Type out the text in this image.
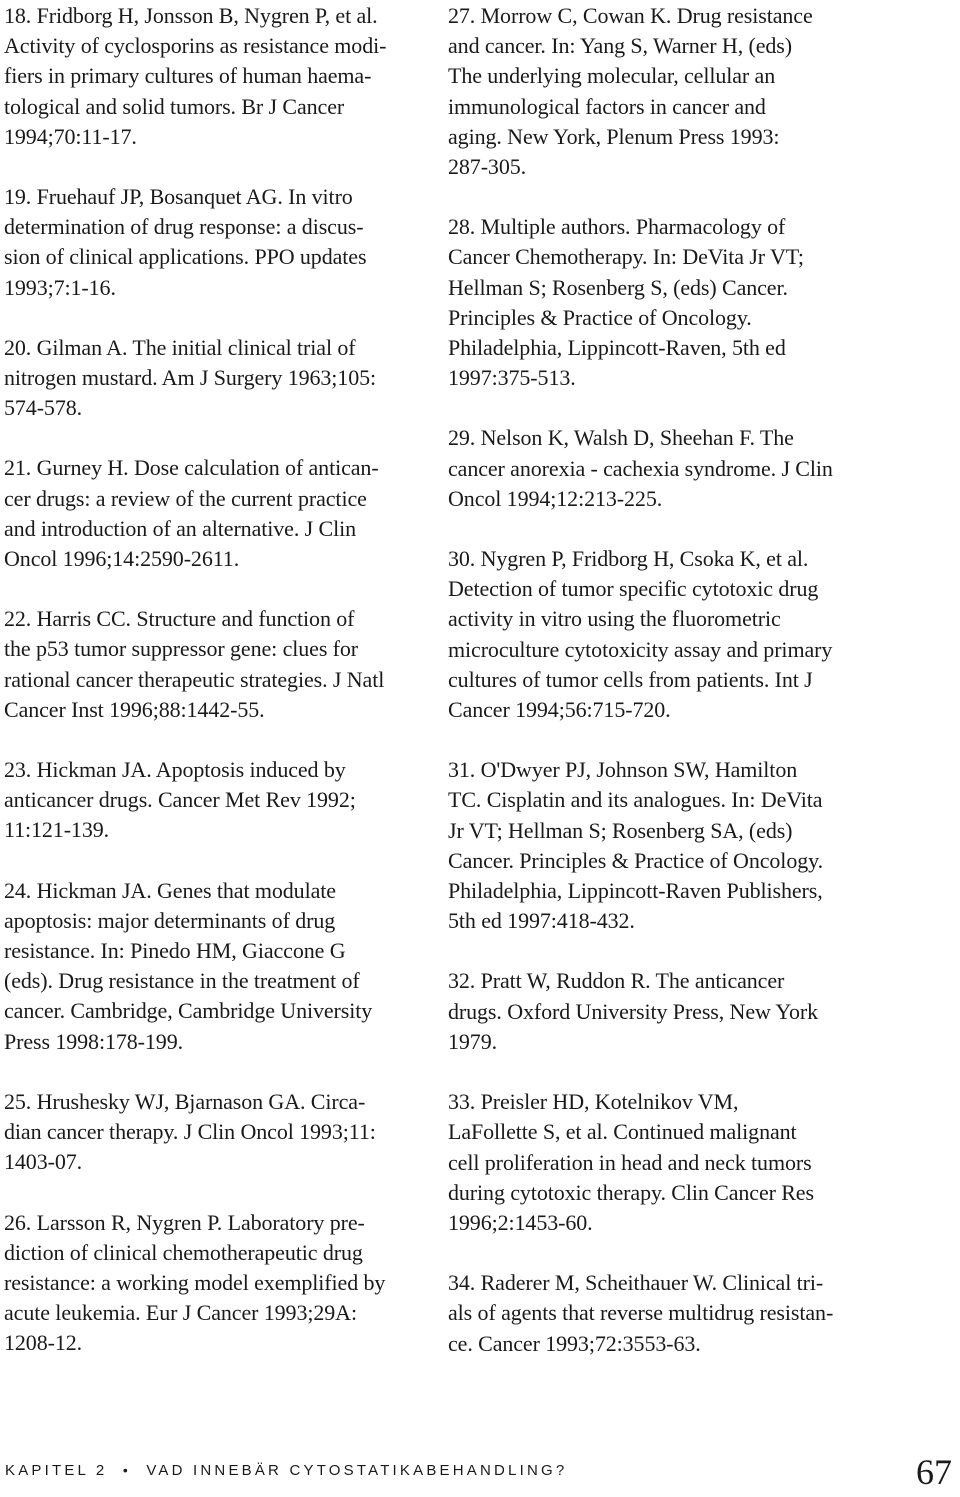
18. Fridborg H, Jonsson B, Nygren P, et al.
Activity of cyclosporins as resistance modi-
fiers in primary cultures of human haema-
tological and solid tumors. Br J Cancer
1994;70:11-17.
19. Fruehauf JP, Bosanquet AG. In vitro
determination of drug response: a discus-
sion of clinical applications. PPO updates
1993;7:1-16.
20. Gilman A. The initial clinical trial of
nitrogen mustard. Am J Surgery 1963;105:
574-578.
21. Gurney H. Dose calculation of antican-
cer drugs: a review of the current practice
and introduction of an alternative. J Clin
Oncol 1996;14:2590-2611.
22. Harris CC. Structure and function of
the p53 tumor suppressor gene: clues for
rational cancer therapeutic strategies. J Natl
Cancer Inst 1996;88:1442-55.
23. Hickman JA. Apoptosis induced by
anticancer drugs. Cancer Met Rev 1992;
11:121-139.
24. Hickman JA. Genes that modulate
apoptosis: major determinants of drug
resistance. In: Pinedo HM, Giaccone G
(eds). Drug resistance in the treatment of
cancer. Cambridge, Cambridge University
Press 1998:178-199.
25. Hrushesky WJ, Bjarnason GA. Circa-
dian cancer therapy. J Clin Oncol 1993;11:
1403-07.
26. Larsson R, Nygren P. Laboratory pre-
diction of clinical chemotherapeutic drug
resistance: a working model exemplified by
acute leukemia. Eur J Cancer 1993;29A:
1208-12.
27. Morrow C, Cowan K. Drug resistance
and cancer. In: Yang S, Warner H, (eds)
The underlying molecular, cellular an
immunological factors in cancer and
aging. New York, Plenum Press 1993:
287-305.
28. Multiple authors. Pharmacology of
Cancer Chemotherapy. In: DeVita Jr VT;
Hellman S; Rosenberg S, (eds) Cancer.
Principles & Practice of Oncology.
Philadelphia, Lippincott-Raven, 5th ed
1997:375-513.
29. Nelson K, Walsh D, Sheehan F. The
cancer anorexia - cachexia syndrome. J Clin
Oncol 1994;12:213-225.
30. Nygren P, Fridborg H, Csoka K, et al.
Detection of tumor specific cytotoxic drug
activity in vitro using the fluorometric
microculture cytotoxicity assay and primary
cultures of tumor cells from patients. Int J
Cancer 1994;56:715-720.
31. O'Dwyer PJ, Johnson SW, Hamilton
TC. Cisplatin and its analogues. In: DeVita
Jr VT; Hellman S; Rosenberg SA, (eds)
Cancer. Principles & Practice of Oncology.
Philadelphia, Lippincott-Raven Publishers,
5th ed 1997:418-432.
32. Pratt W, Ruddon R. The anticancer
drugs. Oxford University Press, New York
1979.
33. Preisler HD, Kotelnikov VM,
LaFollette S, et al. Continued malignant
cell proliferation in head and neck tumors
during cytotoxic therapy. Clin Cancer Res
1996;2:1453-60.
34. Raderer M, Scheithauer W. Clinical tri-
als of agents that reverse multidrug resistan-
ce. Cancer 1993;72:3553-63.
KAPITEL 2 • VAD INNEBÄR CYTOSTATIKABEHANDLING?	67
